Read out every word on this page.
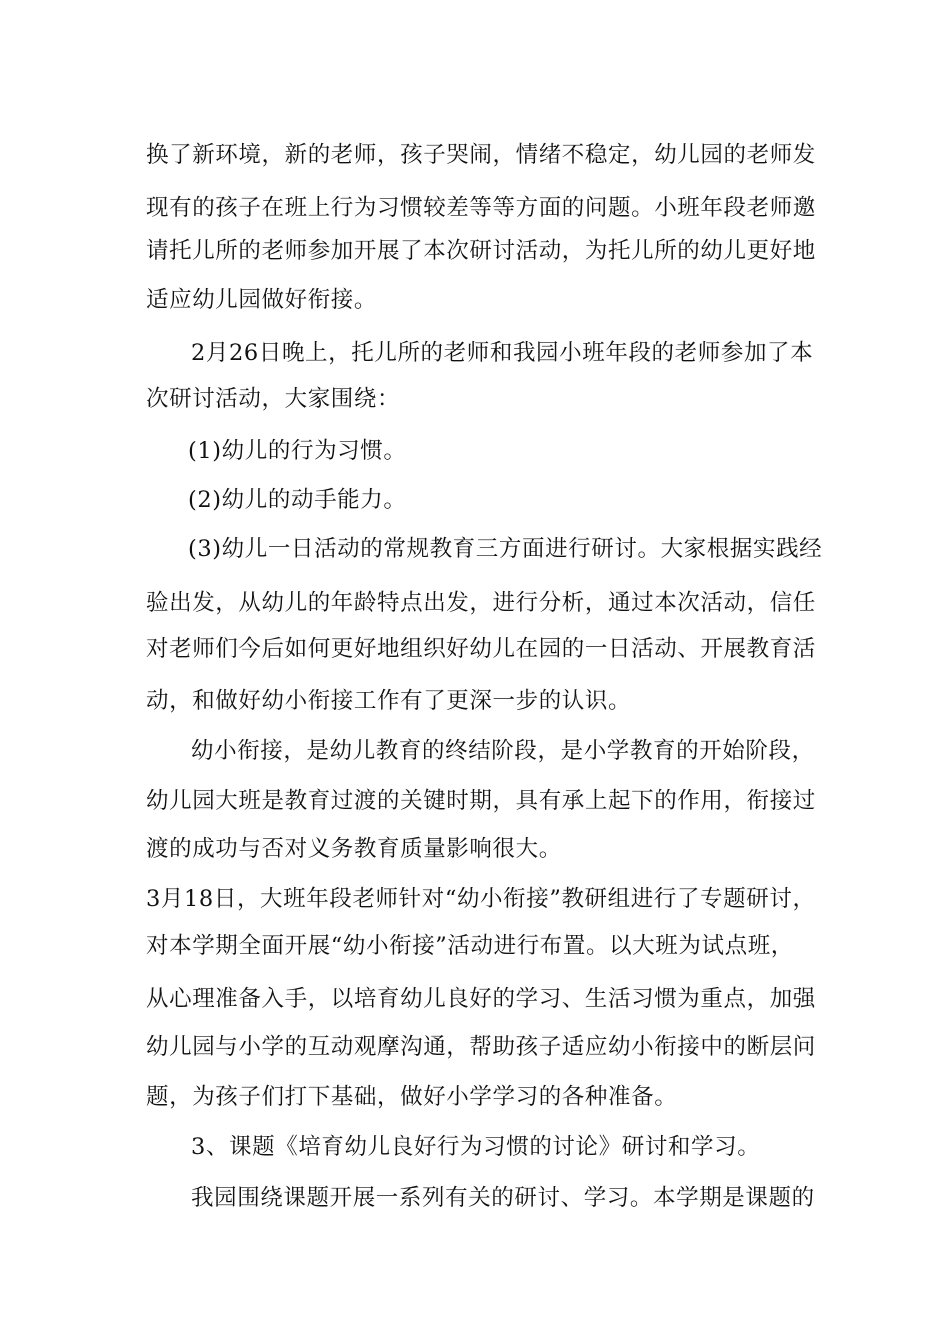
换了新环境，新的老师，孩子哭闹，情绪不稳定，幼儿园的老师发
现有的孩子在班上行为习惯较差等等方面的问题。小班年段老师邀
请托儿所的老师参加开展了本次研讨活动，为托儿所的幼儿更好地
适应幼儿园做好衔接。
2月26日晚上，托儿所的老师和我园小班年段的老师参加了本
次研讨活动，大家围绕：
(1)幼儿的行为习惯。
(2)幼儿的动手能力。
(3)幼儿一日活动的常规教育三方面进行研讨。大家根据实践经
验出发，从幼儿的年龄特点出发，进行分析，通过本次活动，信任
对老师们今后如何更好地组织好幼儿在园的一日活动、开展教育活
动，和做好幼小衔接工作有了更深一步的认识。
幼小衔接，是幼儿教育的终结阶段，是小学教育的开始阶段，
幼儿园大班是教育过渡的关键时期，具有承上起下的作用，衔接过
渡的成功与否对义务教育质量影响很大。
3月18日，大班年段老师针对“幼小衔接”教研组进行了专题研讨，
对本学期全面开展“幼小衔接”活动进行布置。以大班为试点班，
从心理准备入手，以培育幼儿良好的学习、生活习惯为重点，加强
幼儿园与小学的互动观摩沟通，帮助孩子适应幼小衔接中的断层问
题，为孩子们打下基础，做好小学学习的各种准备。
3、课题《培育幼儿良好行为习惯的讨论》研讨和学习。
我园围绕课题开展一系列有关的研讨、学习。本学期是课题的
